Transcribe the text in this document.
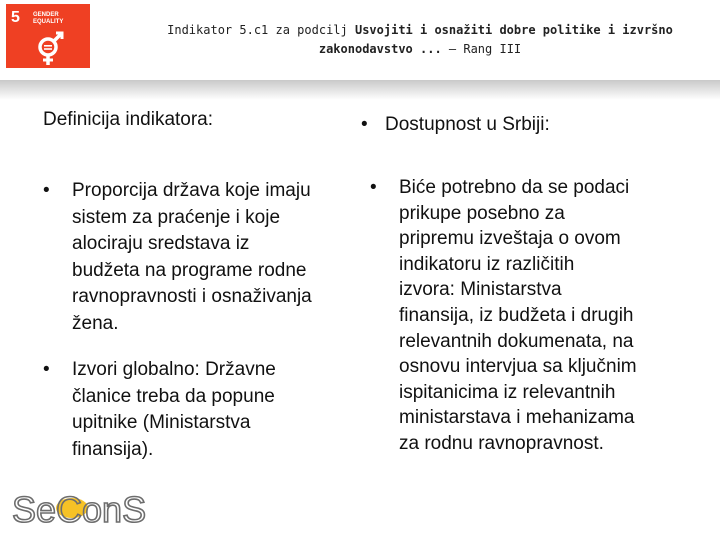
5 GENDER
EQUALITY
Indikator 5.c1 za podcilj Usvojiti i osnažiti dobre politike i izvršno
zakonodavstvo ... – Rang III
Definicija indikatora:
• Proporcija država koje imaju
sistem za praćenje i koje
alociraju sredstava iz
budžeta na programe rodne
ravnopravnosti i osnaživanja
žena.
• Izvori globalno: Državne
članice treba da popune
upitnike (Ministarstva
finansija).
• Dostupnost u Srbiji:
• Biće potrebno da se podaci
prikupe posebno za
pripremu izveštaja o ovom
indikatoru iz različitih
izvora: Ministarstva
finansija, iz budžeta i drugih
relevantnih dokumenata, na
osnovu intervjua sa ključnim
ispitanicima iz relevantnih
ministarstava i mehanizama
za rodnu ravnopravnost.
SeConS
